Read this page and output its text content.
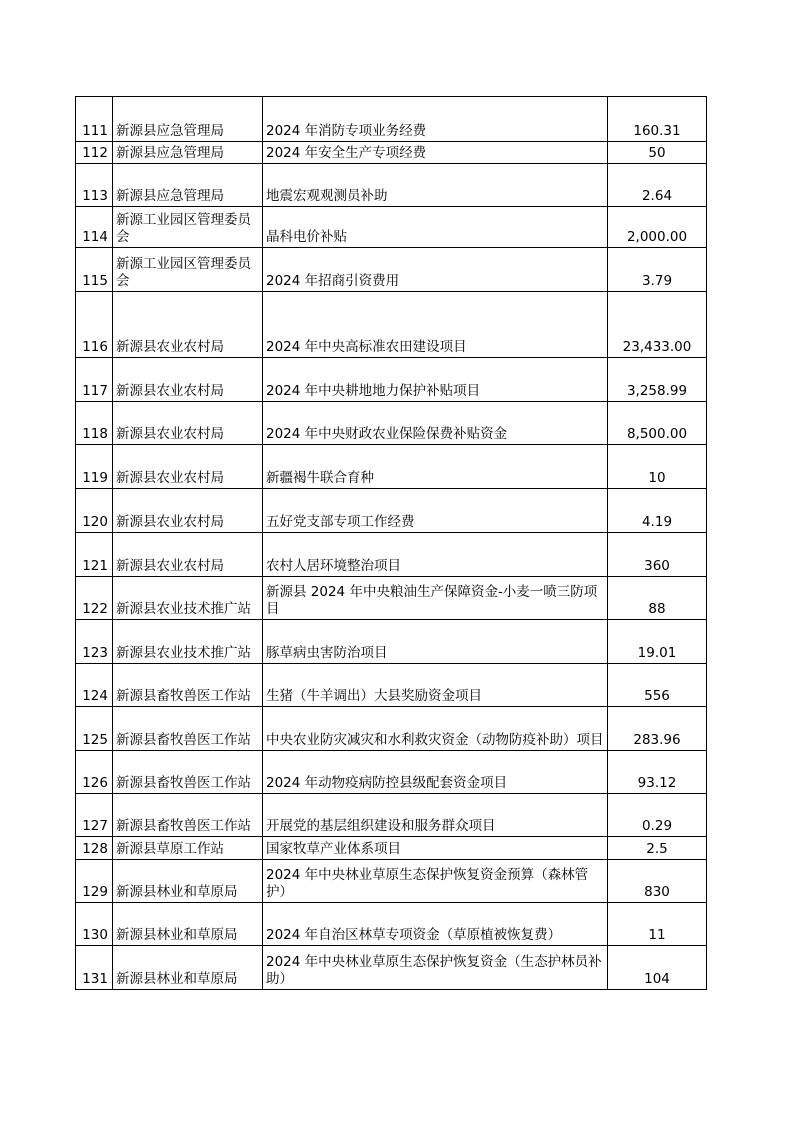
111	新源县应急管理局	2024 年消防专项业务经费	160.31
112	新源县应急管理局	2024 年安全生产专项经费	50
113	新源县应急管理局	地震宏观观测员补助	2.64
114	新源工业园区管理委员会	晶科电价补贴	2,000.00
115	新源工业园区管理委员会	2024 年招商引资费用	3.79
116	新源县农业农村局	2024 年中央高标准农田建设项目	23,433.00
117	新源县农业农村局	2024 年中央耕地地力保护补贴项目	3,258.99
118	新源县农业农村局	2024 年中央财政农业保险保费补贴资金	8,500.00
119	新源县农业农村局	新疆褐牛联合育种	10
120	新源县农业农村局	五好党支部专项工作经费	4.19
121	新源县农业农村局	农村人居环境整治项目	360
122	新源县农业技术推广站	新源县 2024 年中央粮油生产保障资金-小麦一喷三防项目	88
123	新源县农业技术推广站	豚草病虫害防治项目	19.01
124	新源县畜牧兽医工作站	生猪（牛羊调出）大县奖励资金项目	556
125	新源县畜牧兽医工作站	中央农业防灾减灾和水利救灾资金（动物防疫补助）项目	283.96
126	新源县畜牧兽医工作站	2024 年动物疫病防控县级配套资金项目	93.12
127	新源县畜牧兽医工作站	开展党的基层组织建设和服务群众项目	0.29
128	新源县草原工作站	国家牧草产业体系项目	2.5
129	新源县林业和草原局	2024 年中央林业草原生态保护恢复资金预算（森林管护）	830
130	新源县林业和草原局	2024 年自治区林草专项资金（草原植被恢复费）	11
131	新源县林业和草原局	2024 年中央林业草原生态保护恢复资金（生态护林员补助）	104
